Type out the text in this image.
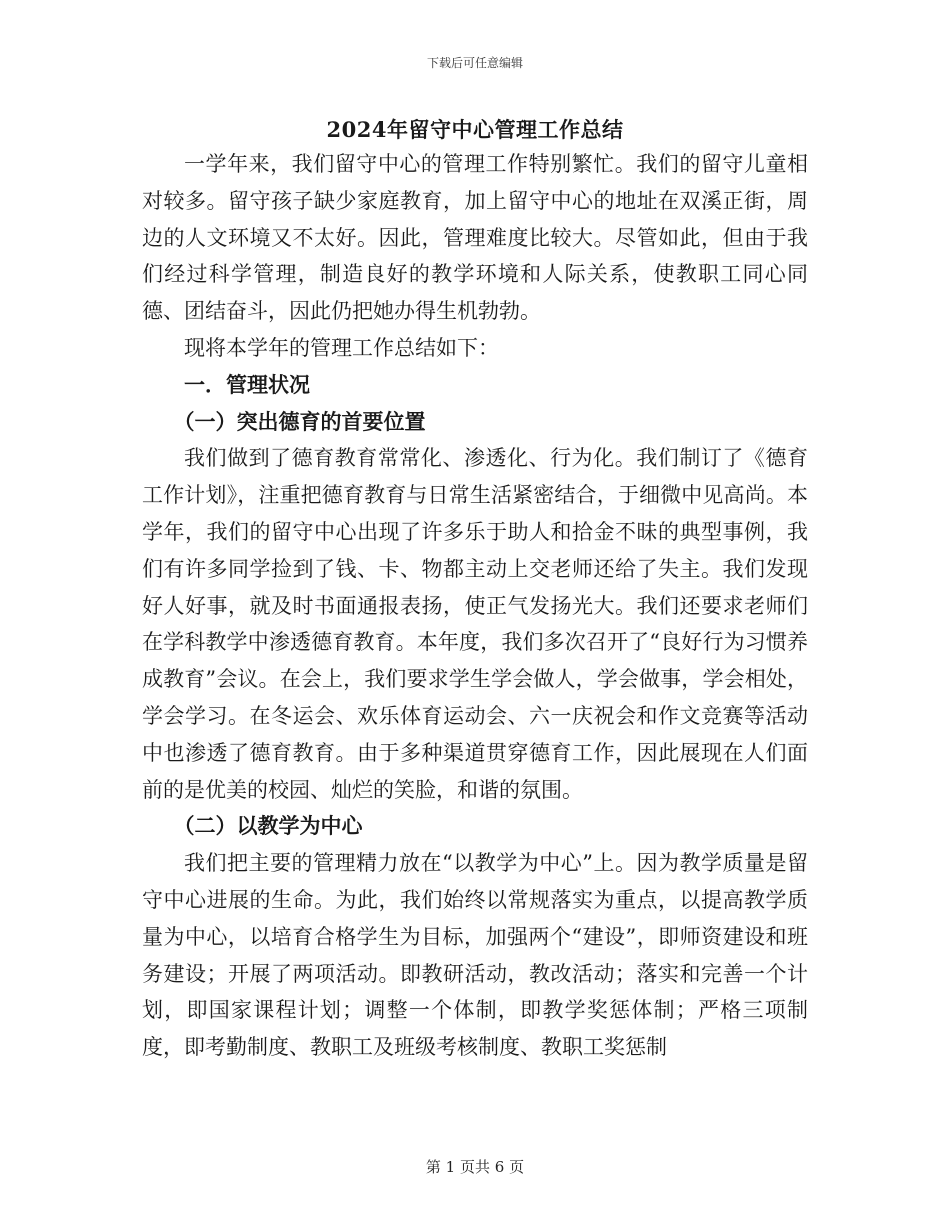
下载后可任意编辑
2024年留守中心管理工作总结

一学年来，我们留守中心的管理工作特别繁忙。我们的留守儿童相对较多。留守孩子缺少家庭教育，加上留守中心的地址在双溪正街，周边的人文环境又不太好。因此，管理难度比较大。尽管如此，但由于我们经过科学管理，制造良好的教学环境和人际关系，使教职工同心同德、团结奋斗，因此仍把她办得生机勃勃。

现将本学年的管理工作总结如下：

一．管理状况
（一）突出德育的首要位置

我们做到了德育教育常常化、渗透化、行为化。我们制订了《德育工作计划》，注重把德育教育与日常生活紧密结合，于细微中见高尚。本学年，我们的留守中心出现了许多乐于助人和拾金不昧的典型事例，我们有许多同学捡到了钱、卡、物都主动上交老师还给了失主。我们发现好人好事，就及时书面通报表扬，使正气发扬光大。我们还要求老师们在学科教学中渗透德育教育。本年度，我们多次召开了“良好行为习惯养成教育”会议。在会上，我们要求学生学会做人，学会做事，学会相处，学会学习。在冬运会、欢乐体育运动会、六一庆祝会和作文竞赛等活动中也渗透了德育教育。由于多种渠道贯穿德育工作，因此展现在人们面前的是优美的校园、灿烂的笑脸，和谐的氛围。

（二）以教学为中心

我们把主要的管理精力放在“以教学为中心”上。因为教学质量是留守中心进展的生命。为此，我们始终以常规落实为重点，以提高教学质量为中心，以培育合格学生为目标，加强两个“建设”，即师资建设和班务建设；开展了两项活动。即教研活动，教改活动；落实和完善一个计划，即国家课程计划；调整一个体制，即教学奖惩体制；严格三项制度，即考勤制度、教职工及班级考核制度、教职工奖惩制

第 1 页共 6 页
